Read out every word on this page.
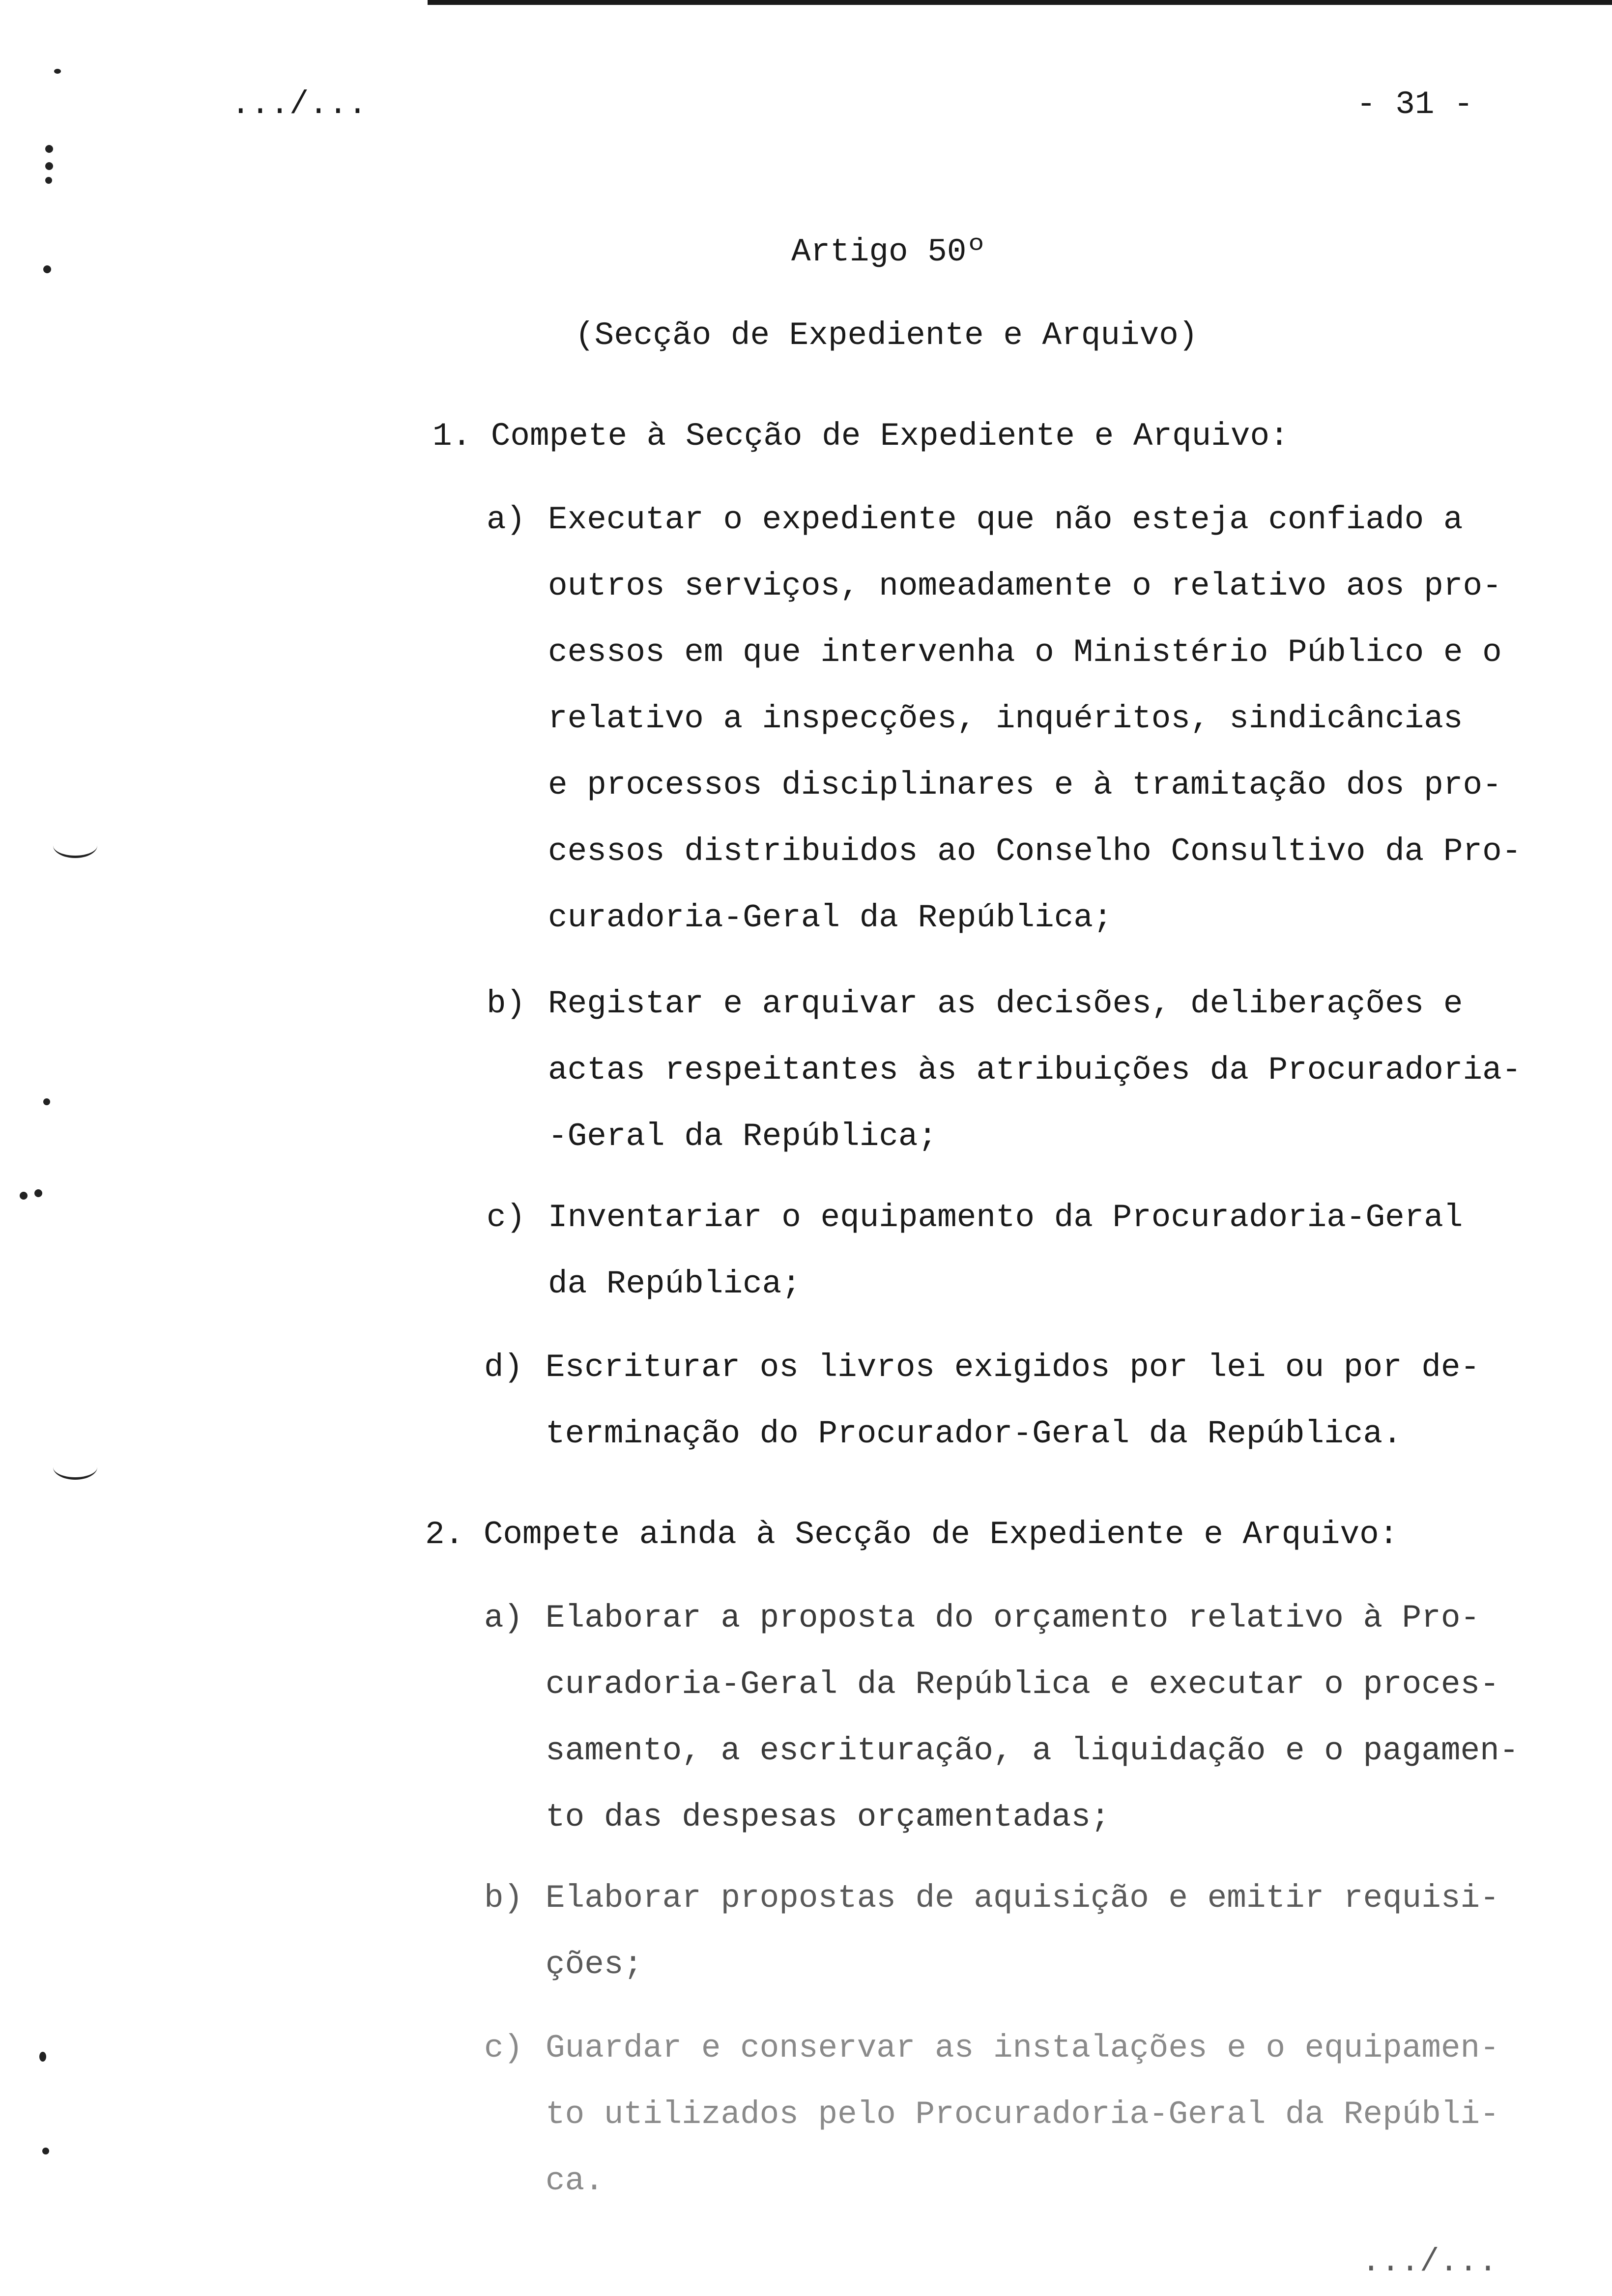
.../...	- 31 -
Artigo 50º
(Secção de Expediente e Arquivo)
1. Compete à Secção de Expediente e Arquivo:
a) Executar o expediente que não esteja confiado a
outros serviços, nomeadamente o relativo aos pro-
cessos em que intervenha o Ministério Público e o
relativo a inspecções, inquéritos, sindicâncias
e processos disciplinares e à tramitação dos pro-
cessos distribuidos ao Conselho Consultivo da Pro-
curadoria-Geral da República;
b) Registar e arquivar as decisões, deliberações e
actas respeitantes às atribuições da Procuradoria-
-Geral da República;
c) Inventariar o equipamento da Procuradoria-Geral
da República;
d) Escriturar os livros exigidos por lei ou por de-
terminação do Procurador-Geral da República.
2. Compete ainda à Secção de Expediente e Arquivo:
a) Elaborar a proposta do orçamento relativo à Pro-
curadoria-Geral da República e executar o proces-
samento, a escrituração, a liquidação e o pagamen-
to das despesas orçamentadas;
b) Elaborar propostas de aquisição e emitir requisi-
ções;
c) Guardar e conservar as instalações e o equipamen-
to utilizados pelo Procuradoria-Geral da Repúbli-
ca.
.../...
